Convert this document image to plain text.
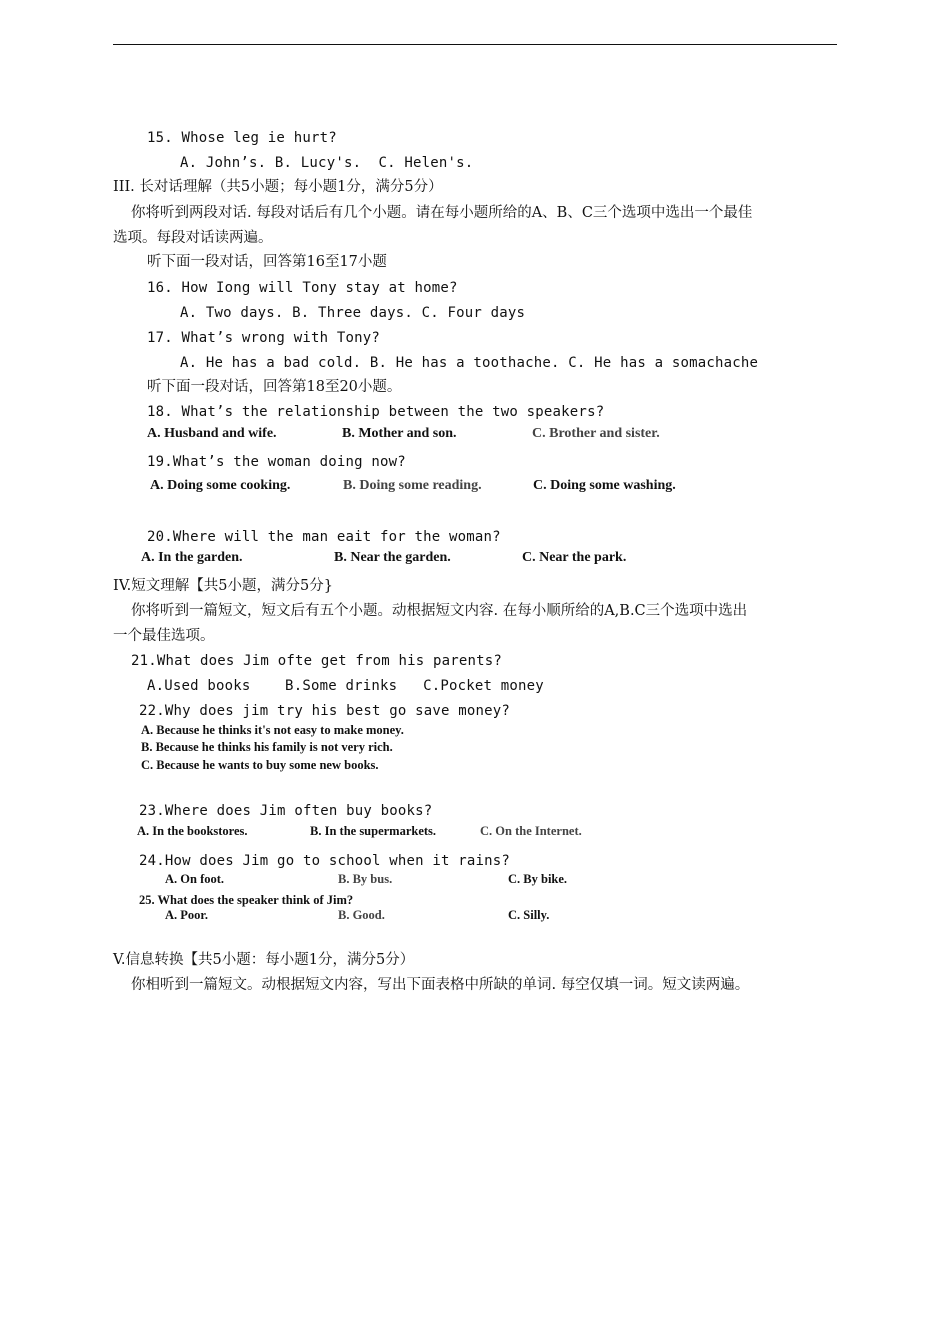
15. Whose leg ie hurt?
A. John’s. B. Lucy's.  C. Helen's.
III. 长对话理解（共5小题；每小题1分，满分5分）
你将听到两段对话. 每段对话后有几个小题。请在每小题所给的A、B、C三个选项中选出一个最佳
选项。每段对话读两遍。
听下面一段对话，回答第16至17小题
16. How Iong will Tony stay at home?
A. Two days. B. Three days. C. Four days
17. What’s wrong with Tony?
A. He has a bad cold. B. He has a toothache. C. He has a somachache
听下面一段对话，回答第18至20小题。
18. What’s the relationship between the two speakers?
A. Husband and wife.	B. Mother and son.	C. Brother and sister.
19.What’s the woman doing now?
A. Doing some cooking.	B. Doing some reading.	C. Doing some washing.
20.Where will the man eait for the woman?
A. In the garden.	B. Near the garden.	C. Near the park.
IV.短文理解【共5小题，满分5分}
你将听到一篇短文，短文后有五个小题。动根据短文内容. 在每小顺所给的A,B.C三个选项中选出
一个最佳选项。
21.What does Jim ofte get from his parents?
A.Used books    B.Some drinks   C.Pocket money
22.Why does jim try his best go save money?
A. Because he thinks it's not easy to make money.
B. Because he thinks his family is not very rich.
C. Because he wants to buy some new books.
23.Where does Jim often buy books?
A. In the bookstores.	B. In the supermarkets.	C. On the Internet.
24.How does Jim go to school when it rains?
A. On foot.	B. By bus.	C. By bike.
25. What does the speaker think of Jim?
A. Poor.	B. Good.	C. Silly.
V.信息转换【共5小题：每小题1分，满分5分）
你相听到一篇短文。动根据短文内容，写出下面表格中所缺的单词. 每空仅填一词。短文读两遍。
